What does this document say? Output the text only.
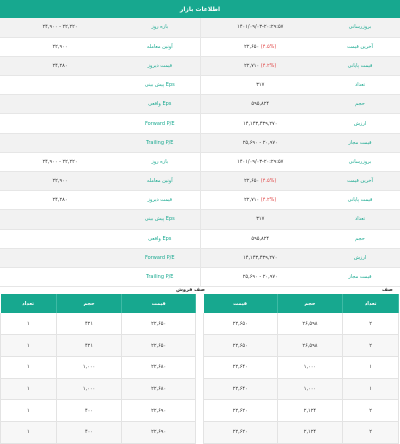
اطلاعات بازار
بروزرسانی	۱۴۰۱/۰۹/۰۳-۲۰:۲۹:۵۷	بازه روز	۲۴,۹۰۰ - ۲۲,۲۲۰
آخرین قیمت	۲۲,۶۵۰ (۴.۵%)	آونین معامله	۲۲,۹۰۰
قیمت پایانی	۲۲,۷۱۰ (۴.۲%)	قیمت دیروز	۲۴,۲۸۰
تعداد	۳۱۷	Eps پیش بینی	
حجم	۵۹۵,۸۲۴	Eps واقعی	
ارزش	۱۴,۱۴۳,۴۳۹,۲۷۰	Forward P/E	
قیمت مجاز	۲۵,۶۹۰ - ۲۰,۹۷۰	Trailing P/E	
بروزرسانی	۱۴۰۱/۰۹/۰۳-۲۰:۲۹:۵۷	بازه روز	۲۴,۹۰۰ - ۲۲,۲۲۰
آخرین قیمت	۲۲,۶۵۰ (۴.۵%)	آونین معامله	۲۲,۹۰۰
قیمت پایانی	۲۲,۷۱۰ (۴.۲%)	قیمت دیروز	۲۴,۲۸۰
تعداد	۳۱۷	Eps پیش بینی	
حجم	۵۹۵,۸۲۴	Eps واقعی	
ارزش	۱۴,۱۴۳,۴۳۹,۲۷۰	Forward P/E	
قیمت مجاز	۲۵,۶۹۰ - ۲۰,۹۷۰	Trailing P/E	
صف فروش	صف خرید
تعداد	حجم	قیمت
۱	۴۲۱	۲۲,۶۵۰
۱	۴۲۱	۲۲,۶۵۰
۱	۱,۰۰۰	۲۲,۶۸۰
۱	۱,۰۰۰	۲۲,۶۸۰
۱	۴۰۰	۲۲,۶۹۰
۱	۴۰۰	۲۲,۶۹۰
قیمت	حجم	تعداد
۲۲,۶۵۰	۲۶,۵۹۸	۲
۲۲,۶۵۰	۲۶,۵۹۸	۲
۲۲,۶۴۰	۱,۰۰۰	۱
۲۲,۶۴۰	۱,۰۰۰	۱
۲۲,۶۲۰	۲,۱۲۴	۲
۲۲,۶۲۰	۲,۱۲۴	۲
